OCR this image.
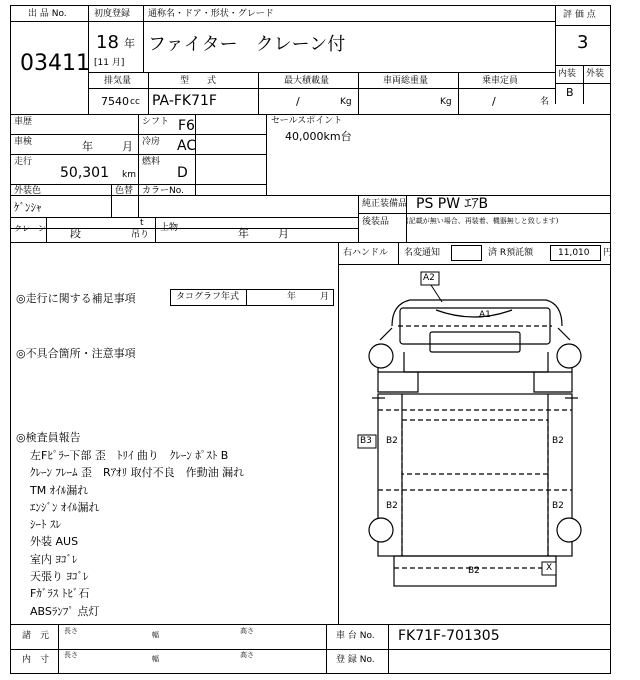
出 品 No.
03411
初度登録
18 年
[11 月]
通称名・ドア・形状・グレード
ファイター　クレーン付
評 価 点
3
内装 外装
B
排気量
7540 cc
型　　式
PA-FK71F
最大積載量
/	Kg
車両総重量
Kg
乗車定員
/	名
車歴	シフト F6
車検	年	月 冷房 AC
走行
50,301 km
燃料
D
外装色
ｹﾞﾝｼｬ
色替 カラーNo.
クレーン 段
t
吊り
上物	年	月
セールスポイント
40,000km台
純正装備品 PS PW ｴｱB
後装品 (記載が無い場合、再装着、機器無しと致します)
右ハンドル 名変通知	済 R預託額	11,010 円
◎走行に関する補足事項	タコグラフ年式	年	月
◎不具合箇所・注意事項
◎検査員報告
左Fﾋﾟﾗｰ下部 歪　ﾄﾘｲ 曲り　ｸﾚｰﾝ ﾎﾟｽﾄ B
ｸﾚｰﾝ ﾌﾚｰﾑ 歪　Rｱｵﾘ 取付不良　作動油 漏れ
TM ｵｲﾙ漏れ
ｴﾝｼﾞﾝ ｵｲﾙ漏れ
ｼｰﾄ ｽﾚ
外装 AUS
室内 ﾖｺﾞﾚ
天張り ﾖｺﾞﾚ
Fｶﾞﾗｽ ﾄﾋﾞ石
ABSﾗﾝﾌﾟ 点灯
A2
A1
B3 B2	B2
B2	B2
B2	X
諸　元 長さ	幅	高さ
内　寸 長さ	幅	高さ
車 台 No. FK71F-701305
登 録 No.
